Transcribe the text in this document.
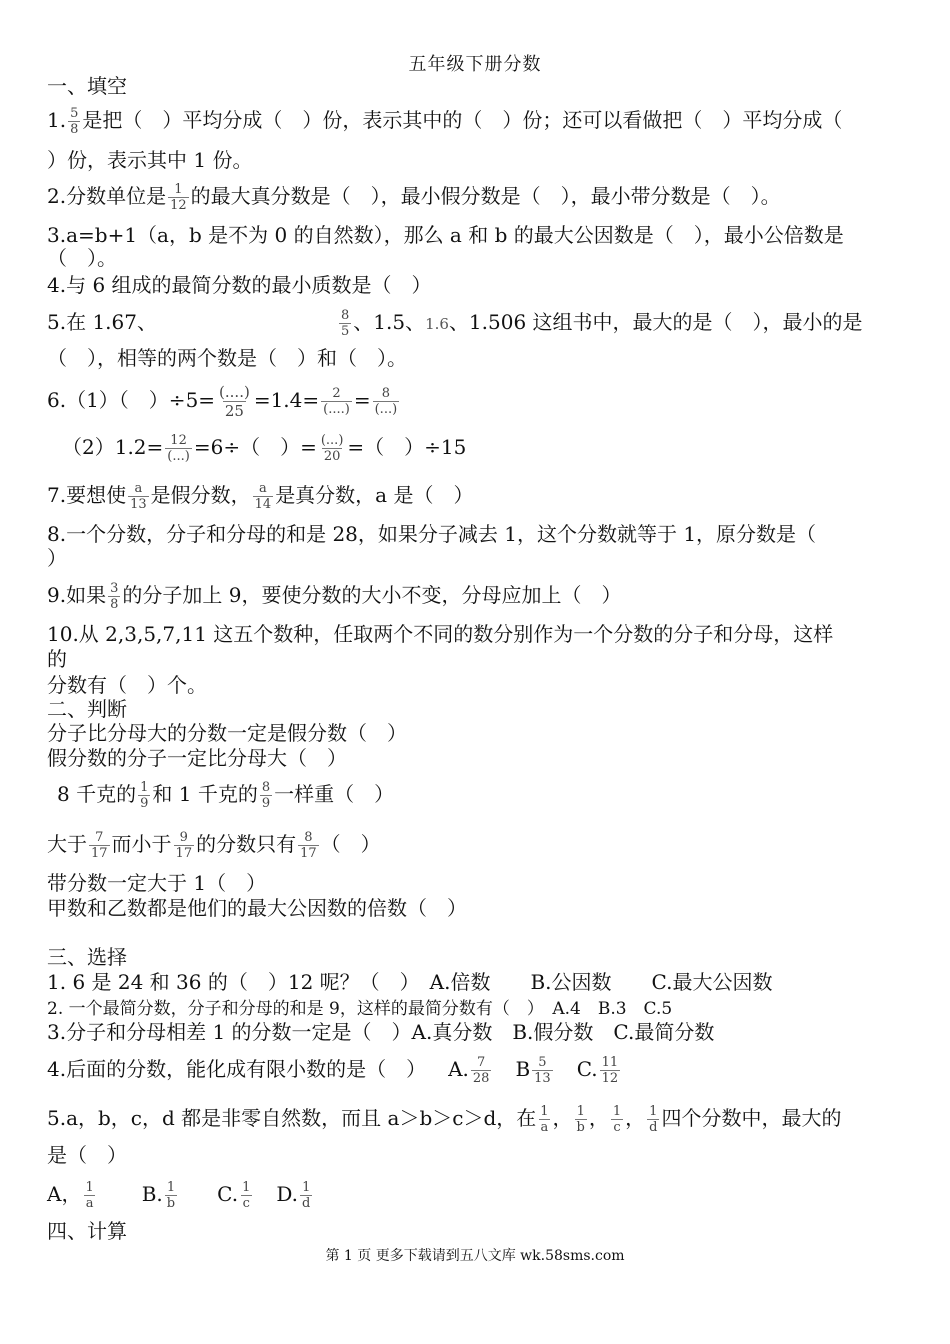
五年级下册分数
一、填空
1. $\frac{5}{8}$ 是把（　）平均分成（　）份，表示其中的（　）份；还可以看做把（　）平均分成（
）份，表示其中 1 份。
2.分数单位是 $\frac{1}{12}$ 的最大真分数是（　），最小假分数是（　），最小带分数是（　）。
3.a=b+1（a，b 是不为 0 的自然数），那么 a 和 b 的最大公因数是（　），最小公倍数是
（　）。
4.与 6 组成的最简分数的最小质数是（　）
5.在 1.67、	$\frac{8}{5}$ 、1.5、1.6、1.506 这组书中，最大的是（　），最小的是
（　），相等的两个数是（　）和（　）。
6.（1）（　）÷5= (....)
25 =1.4= 2
(....) = 8
(...)
（2）1.2= 12
(...) =6÷（　）= (...)
20 =（　）÷15
7.要想使 $\frac{a}{13}$ 是假分数， $\frac{a}{14}$ 是真分数，a 是（　）
8.一个分数，分子和分母的和是 28，如果分子减去 1，这个分数就等于 1，原分数是（
）
9.如果 $\frac{3}{8}$ 的分子加上 9，要使分数的大小不变，分母应加上（　）
10.从 2,3,5,7,11 这五个数种，任取两个不同的数分别作为一个分数的分子和分母，这样
的
分数有（　）个。
二、判断
分子比分母大的分数一定是假分数（　）
假分数的分子一定比分母大（　）
8 千克的 $\frac{1}{9}$ 和 1 千克的 $\frac{8}{9}$ 一样重（　）
大于 $\frac{7}{17}$ 而小于 $\frac{9}{17}$ 的分数只有 $\frac{8}{17}$ （　）
带分数一定大于 1（　）
甲数和乙数都是他们的最大公因数的倍数（　）
三、选择
1. 6 是 24 和 36 的（　）12 呢？（　）　A.倍数　　B.公因数　　C.最大公因数
2. 一个最简分数，分子和分母的和是 9，这样的最简分数有（　）　A.4　B.3　C.5
3.分子和分母相差 1 的分数一定是（　）A.真分数　B.假分数　C.最简分数
4.后面的分数，能化成有限小数的是（　） A. $\frac{7}{28}$ B $\frac{5}{13} C$. $\frac{11}{12}$
5.a，b，c，d 都是非零自然数，而且 a＞b＞c＞d，在 $\frac{1}{a}$ ， $\frac{1}{b}$ ， $\frac{1}{c}$ ， $\frac{1}{d}$ 四个分数中，最大的
是（　）
A， $\frac{1}{a} B$. $\frac{1}{b} C$. $\frac{1}{c} D$. $\frac{1}{d}$
四、计算
第 1 页 更多下载请到五八文库 wk.58sms.com
